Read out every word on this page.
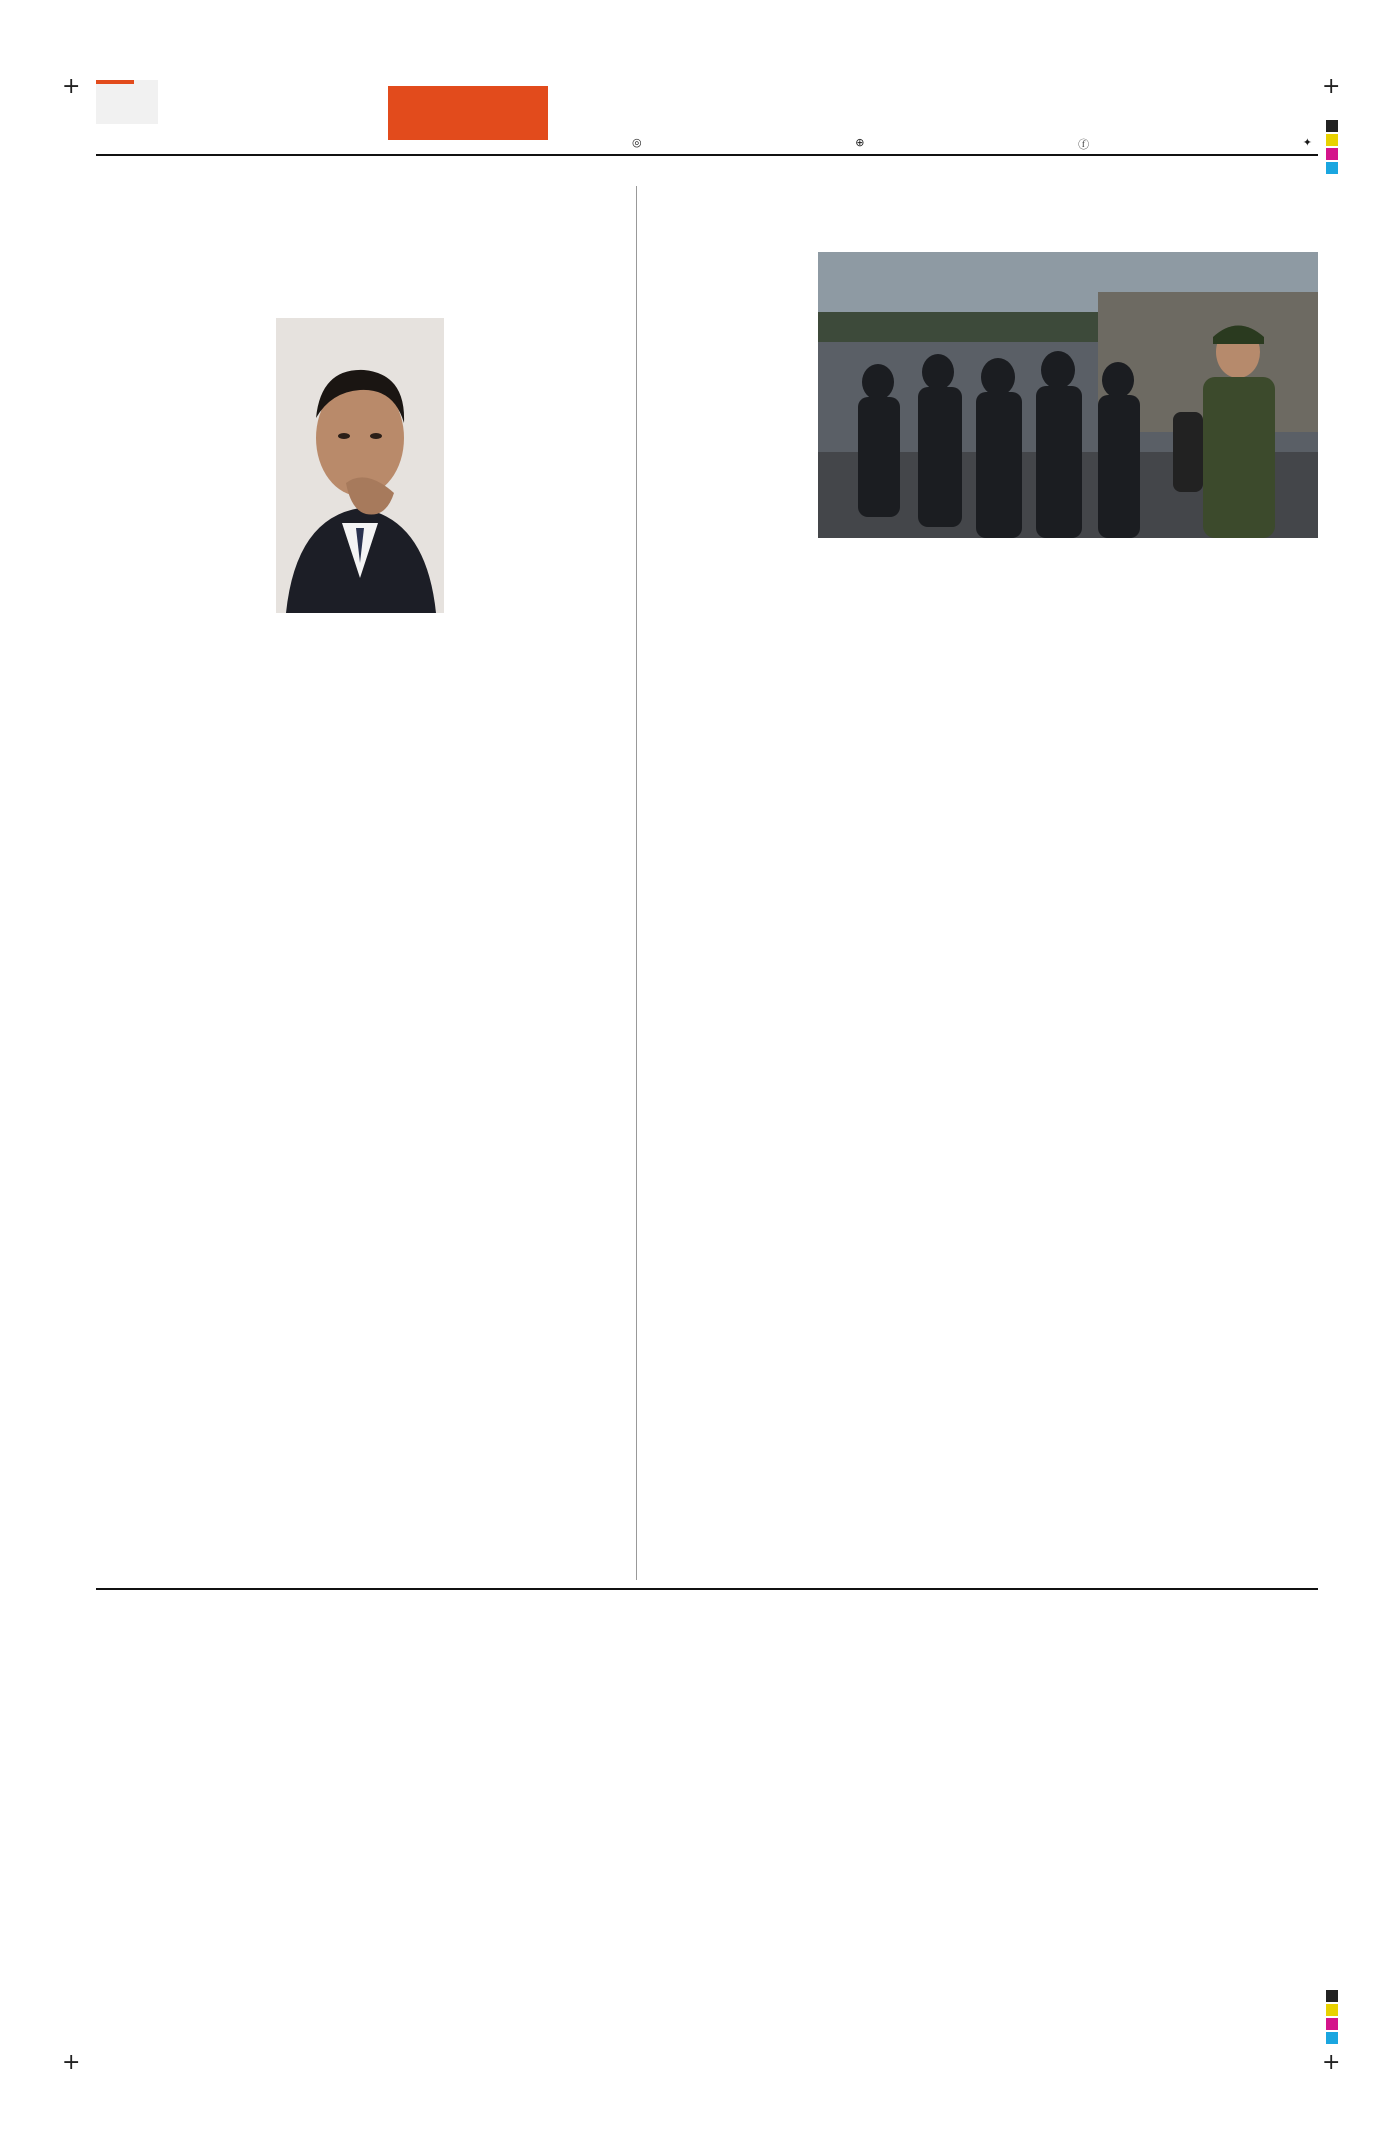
+	+
+	+
◎	⊕	ⓕ	✦
